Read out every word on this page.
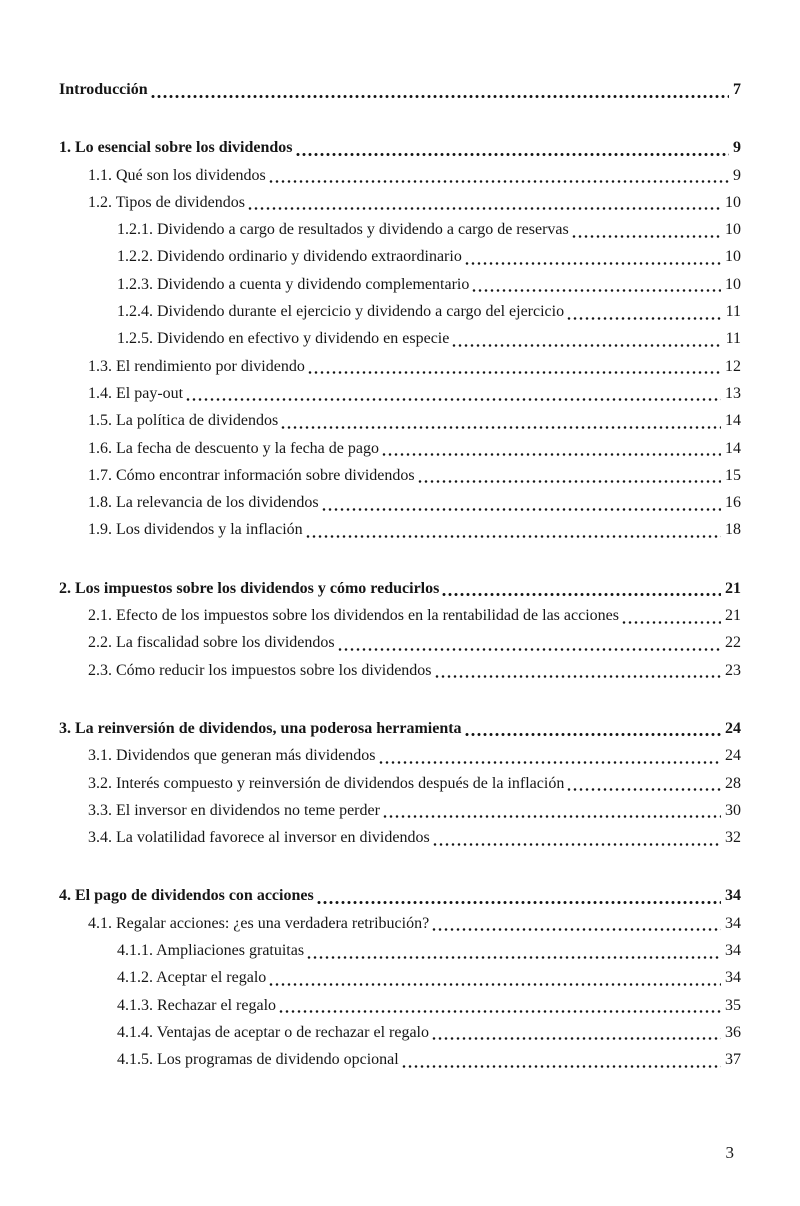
Introducción	7
1. Lo esencial sobre los dividendos	9
1.1. Qué son los dividendos	9
1.2. Tipos de dividendos	10
1.2.1. Dividendo a cargo de resultados y dividendo a cargo de reservas	10
1.2.2. Dividendo ordinario y dividendo extraordinario	10
1.2.3. Dividendo a cuenta y dividendo complementario	10
1.2.4. Dividendo durante el ejercicio y dividendo a cargo del ejercicio	11
1.2.5. Dividendo en efectivo y dividendo en especie	11
1.3. El rendimiento por dividendo	12
1.4. El pay-out	13
1.5. La política de dividendos	14
1.6. La fecha de descuento y la fecha de pago	14
1.7. Cómo encontrar información sobre dividendos	15
1.8. La relevancia de los dividendos	16
1.9. Los dividendos y la inflación	18
2. Los impuestos sobre los dividendos y cómo reducirlos	21
2.1. Efecto de los impuestos sobre los dividendos en la rentabilidad de las acciones	21
2.2. La fiscalidad sobre los dividendos	22
2.3. Cómo reducir los impuestos sobre los dividendos	23
3. La reinversión de dividendos, una poderosa herramienta	24
3.1. Dividendos que generan más dividendos	24
3.2. Interés compuesto y reinversión de dividendos después de la inflación	28
3.3. El inversor en dividendos no teme perder	30
3.4. La volatilidad favorece al inversor en dividendos	32
4. El pago de dividendos con acciones	34
4.1. Regalar acciones: ¿es una verdadera retribución?	34
4.1.1. Ampliaciones gratuitas	34
4.1.2. Aceptar el regalo	34
4.1.3. Rechazar el regalo	35
4.1.4. Ventajas de aceptar o de rechazar el regalo	36
4.1.5. Los programas de dividendo opcional	37
3
